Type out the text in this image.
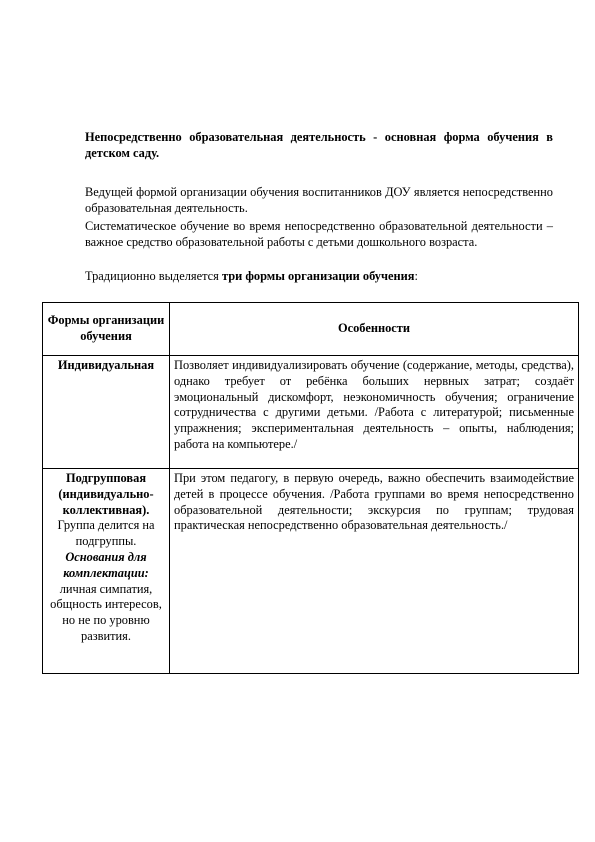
Непосредственно образовательная деятельность - основная форма обучения в детском саду.
Ведущей формой организации обучения воспитанников ДОУ является непосредственно образовательная деятельность.
Систематическое обучение во время непосредственно образовательной деятельности – важное средство образовательной работы с детьми дошкольного возраста.
Традиционно выделяется три формы организации обучения:
Формы организации обучения	Особенности
Индивидуальная	Позволяет индивидуализировать обучение (содержание, методы, средства), однако требует от ребёнка больших нервных затрат; создаёт эмоциональный дискомфорт, неэкономичность обучения; ограничение сотрудничества с другими детьми. /Работа с литературой; письменные упражнения; экспериментальная деятельность – опыты, наблюдения; работа на компьютере./
Подгрупповая (индивидуально-коллективная). Группа делится на подгруппы. Основания для комплектации: личная симпатия, общность интересов, но не по уровню развития.	При этом педагогу, в первую очередь, важно обеспечить взаимодействие детей в процессе обучения. /Работа группами во время непосредственно образовательной деятельности; экскурсия по группам; трудовая практическая непосредственно образовательная деятельность./
